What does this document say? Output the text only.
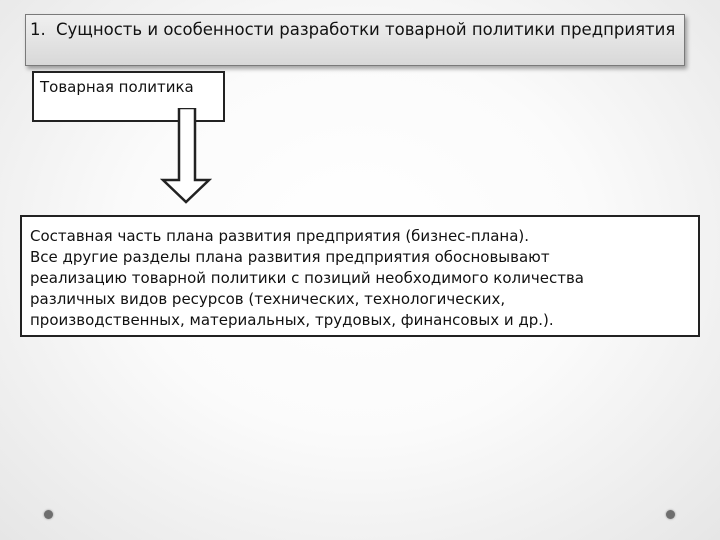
1. Сущность и особенности разработки товарной политики предприятия
Товарная политика
Составная часть плана развития предприятия (бизнес-плана).
Все другие разделы плана развития предприятия обосновывают
реализацию товарной политики с позиций необходимого количества
различных видов ресурсов (технических, технологических,
производственных, материальных, трудовых, финансовых и др.).
